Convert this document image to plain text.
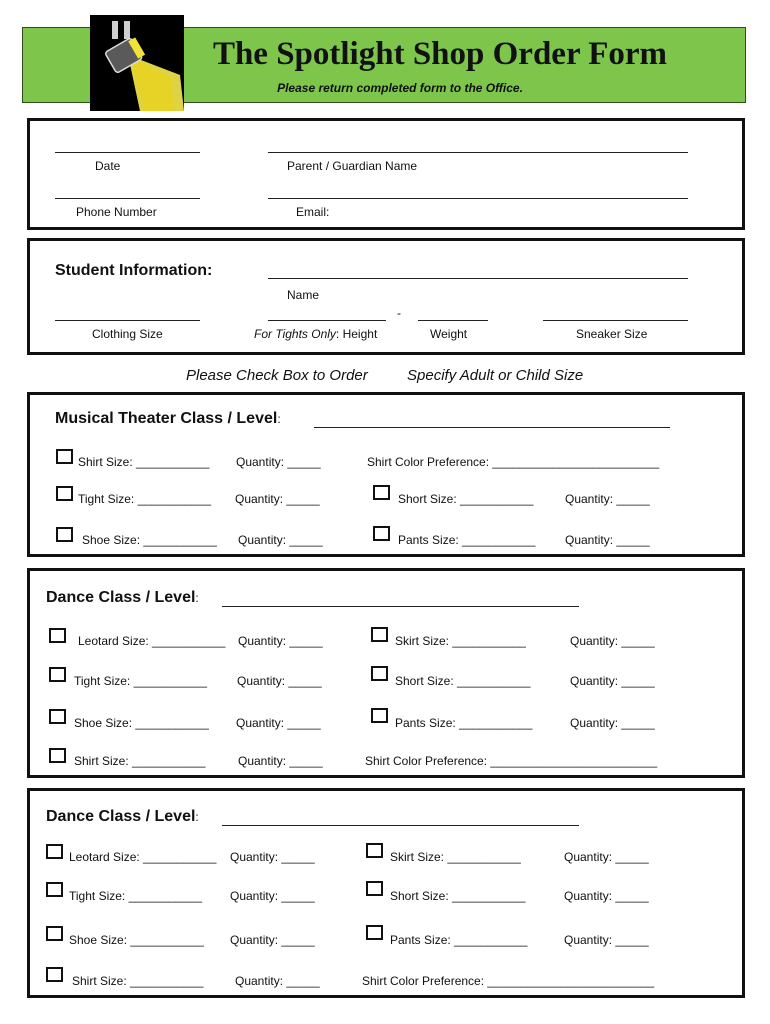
The Spotlight Shop Order Form
Please return completed form to the Office.
Date	Parent / Guardian Name
Phone Number	Email:
Student Information:
Name
-
Clothing Size	For Tights Only: Height	Weight	Sneaker Size
Please Check Box to Order	Specify Adult or Child Size
Musical Theater Class / Level:
Shirt Size: ___________ Quantity: _____	Shirt Color Preference: _________________________
Tight Size: ___________ Quantity: _____	Short Size: ___________	Quantity: _____
Shoe Size: ___________ Quantity: _____	Pants Size: ___________ Quantity: _____
Dance Class / Level:
Leotard Size: ___________ Quantity: _____	Skirt Size: ___________	Quantity: _____
Tight Size: ___________	Quantity: _____	Short Size: ___________	Quantity: _____
Shoe Size: ___________ Quantity: _____	Pants Size: ___________	Quantity: _____
Shirt Size: ___________	Quantity: _____	Shirt Color Preference: _________________________
Dance Class / Level:
Leotard Size: ___________ Quantity: _____	Skirt Size: ___________	Quantity: _____
Tight Size: ___________ Quantity: _____	Short Size: ___________	Quantity: _____
Shoe Size: ___________ Quantity: _____	Pants Size: ___________	Quantity: _____
Shirt Size: ___________	Quantity: _____	Shirt Color Preference: _________________________
